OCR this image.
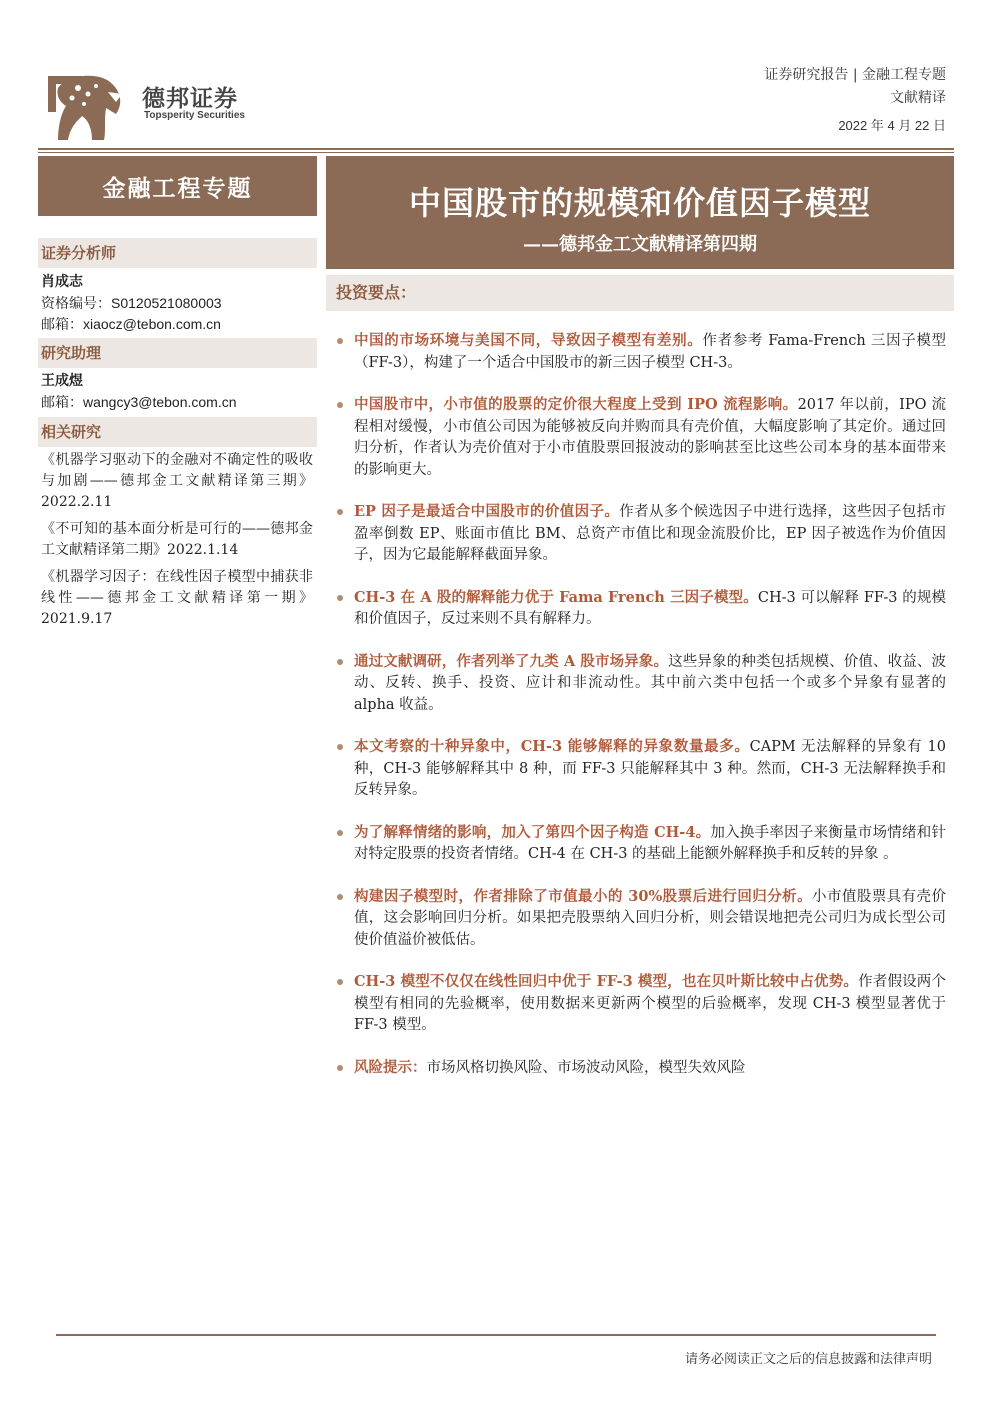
德邦证券
Topsperity Securities
证券研究报告 | 金融工程专题
文献精译
2022 年 4 月 22 日
金融工程专题
证券分析师
肖成志
资格编号：S0120521080003
邮箱：xiaocz@tebon.com.cn
研究助理
王成煜
邮箱：wangcy3@tebon.com.cn
相关研究
《机器学习驱动下的金融对不确定性的吸收与加剧——德邦金工文献精译第三期》2022.2.11
《不可知的基本面分析是可行的——德邦金工文献精译第二期》2022.1.14
《机器学习因子：在线性因子模型中捕获非线性——德邦金工文献精译第一期》2021.9.17
中国股市的规模和价值因子模型
——德邦金工文献精译第四期
投资要点：
中国的市场环境与美国不同，导致因子模型有差别。作者参考 Fama-French 三因子模型（FF-3），构建了一个适合中国股市的新三因子模型 CH-3。
中国股市中，小市值的股票的定价很大程度上受到 IPO 流程影响。2017 年以前，IPO 流程相对缓慢，小市值公司因为能够被反向并购而具有壳价值，大幅度影响了其定价。通过回归分析，作者认为壳价值对于小市值股票回报波动的影响甚至比这些公司本身的基本面带来的影响更大。
EP 因子是最适合中国股市的价值因子。作者从多个候选因子中进行选择，这些因子包括市盈率倒数 EP、账面市值比 BM、总资产市值比和现金流股价比，EP 因子被选作为价值因子，因为它最能解释截面异象。
CH-3 在 A 股的解释能力优于 Fama French 三因子模型。CH-3 可以解释 FF-3 的规模和价值因子，反过来则不具有解释力。
通过文献调研，作者列举了九类 A 股市场异象。这些异象的种类包括规模、价值、收益、波动、反转、换手、投资、应计和非流动性。其中前六类中包括一个或多个异象有显著的 alpha 收益。
本文考察的十种异象中，CH-3 能够解释的异象数量最多。CAPM 无法解释的异象有 10 种，CH-3 能够解释其中 8 种，而 FF-3 只能解释其中 3 种。然而，CH-3 无法解释换手和反转异象。
为了解释情绪的影响，加入了第四个因子构造 CH-4。加入换手率因子来衡量市场情绪和针对特定股票的投资者情绪。CH-4 在 CH-3 的基础上能额外解释换手和反转的异象 。
构建因子模型时，作者排除了市值最小的 30%股票后进行回归分析。小市值股票具有壳价值，这会影响回归分析。如果把壳股票纳入回归分析，则会错误地把壳公司归为成长型公司使价值溢价被低估。
CH-3 模型不仅仅在线性回归中优于 FF-3 模型，也在贝叶斯比较中占优势。作者假设两个模型有相同的先验概率，使用数据来更新两个模型的后验概率，发现 CH-3 模型显著优于 FF-3 模型。
风险提示：市场风格切换风险、市场波动风险，模型失效风险
请务必阅读正文之后的信息披露和法律声明
